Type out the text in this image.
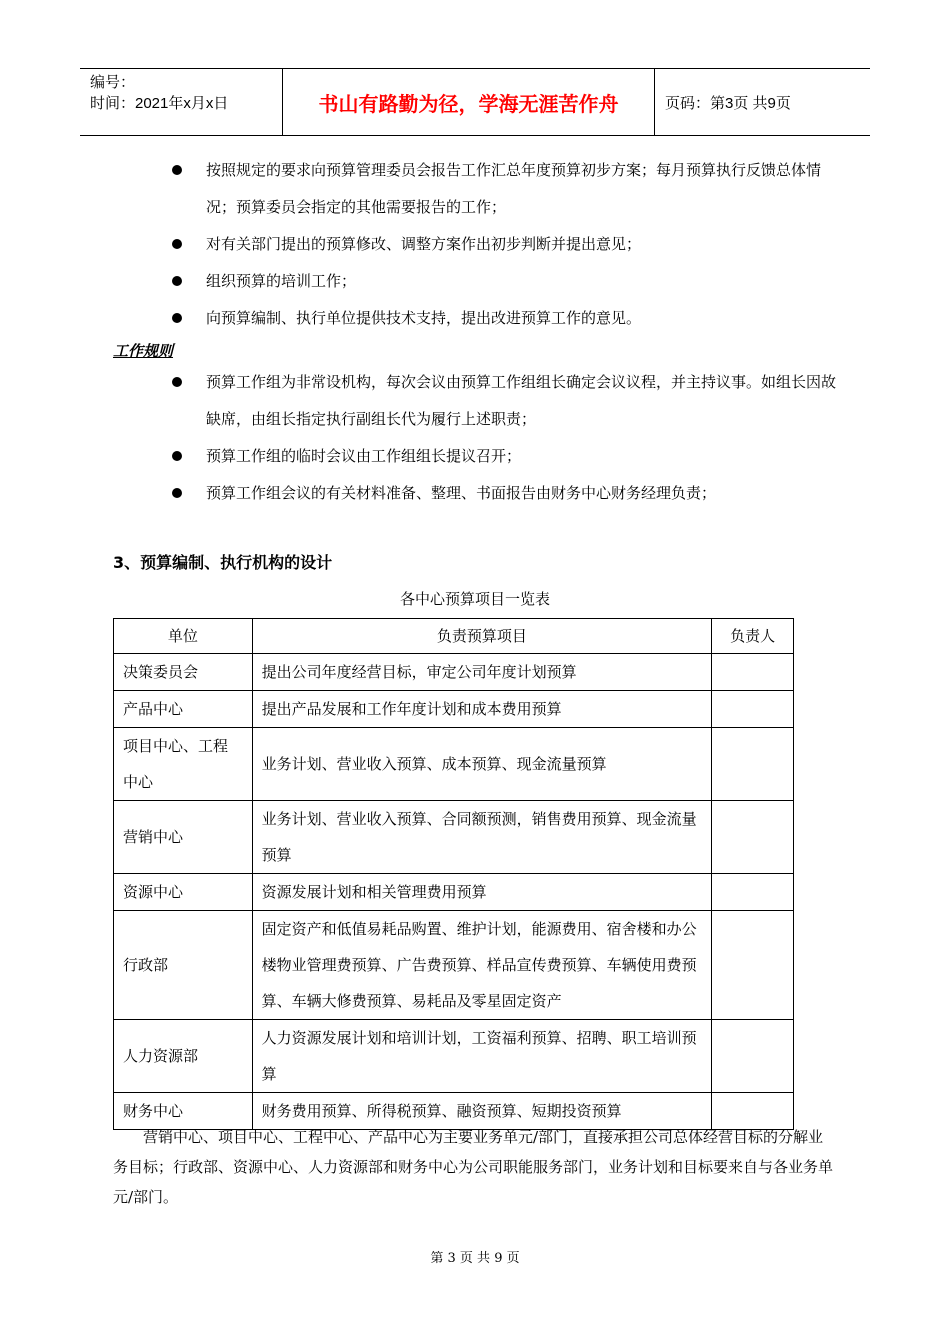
编号：
时间：2021年x月x日	书山有路勤为径，学海无涯苦作舟	页码：第3页 共9页
按照规定的要求向预算管理委员会报告工作汇总年度预算初步方案；每月预算执行反馈总体情况；预算委员会指定的其他需要报告的工作；
对有关部门提出的预算修改、调整方案作出初步判断并提出意见；
组织预算的培训工作；
向预算编制、执行单位提供技术支持，提出改进预算工作的意见。
工作规则
预算工作组为非常设机构，每次会议由预算工作组组长确定会议议程，并主持议事。如组长因故缺席，由组长指定执行副组长代为履行上述职责；
预算工作组的临时会议由工作组组长提议召开；
预算工作组会议的有关材料准备、整理、书面报告由财务中心财务经理负责；
3、预算编制、执行机构的设计
各中心预算项目一览表
单位	负责预算项目	负责人
决策委员会	提出公司年度经营目标，审定公司年度计划预算	
产品中心	提出产品发展和工作年度计划和成本费用预算	
项目中心、工程中心	业务计划、营业收入预算、成本预算、现金流量预算	
营销中心	业务计划、营业收入预算、合同额预测，销售费用预算、现金流量预算	
资源中心	资源发展计划和相关管理费用预算	
行政部	固定资产和低值易耗品购置、维护计划，能源费用、宿舍楼和办公楼物业管理费预算、广告费预算、样品宣传费预算、车辆使用费预算、车辆大修费预算、易耗品及零星固定资产	
人力资源部	人力资源发展计划和培训计划，工资福利预算、招聘、职工培训预算	
财务中心	财务费用预算、所得税预算、融资预算、短期投资预算	

营销中心、项目中心、工程中心、产品中心为主要业务单元/部门，直接承担公司总体经营目标的分解业务目标；行政部、资源中心、人力资源部和财务中心为公司职能服务部门，业务计划和目标要来自与各业务单元/部门。

第 3 页 共 9 页
